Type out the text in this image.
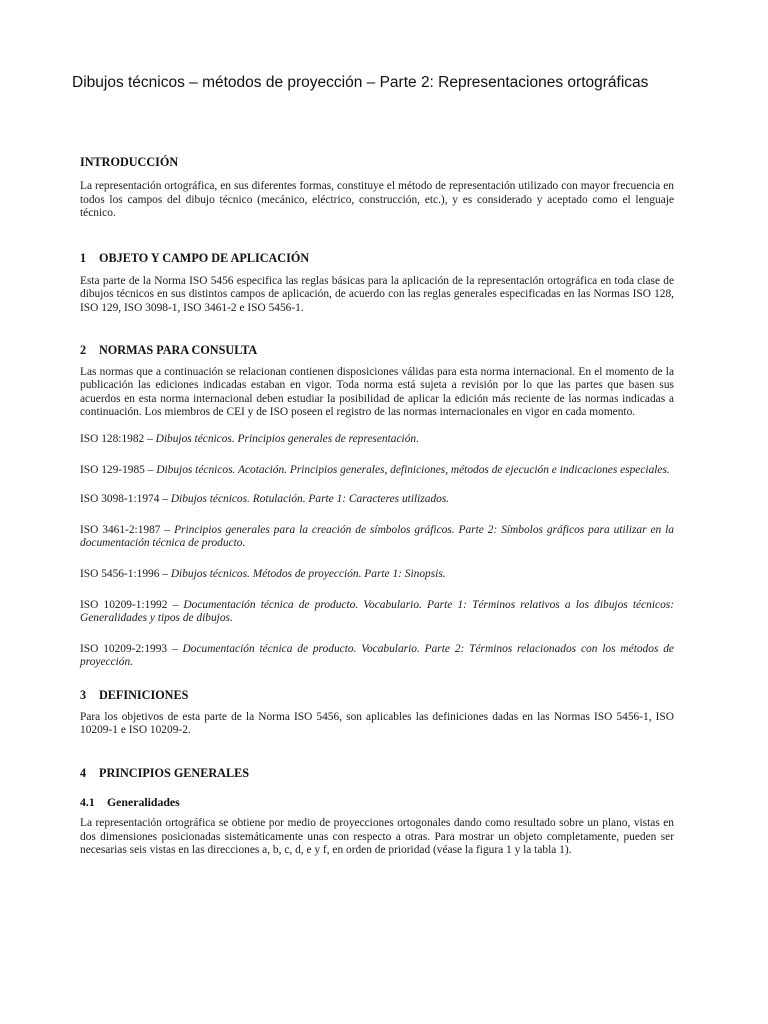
Dibujos técnicos – métodos de proyección – Parte 2: Representaciones ortográficas
INTRODUCCIÓN

La representación ortográfica, en sus diferentes formas, constituye el método de representación utilizado con mayor frecuencia en todos los campos del dibujo técnico (mecánico, eléctrico, construcción, etc.), y es considerado y aceptado como el lenguaje técnico.

1 OBJETO Y CAMPO DE APLICACIÓN

Esta parte de la Norma ISO 5456 especifica las reglas básicas para la aplicación de la representación ortográfica en toda clase de dibujos técnicos en sus distintos campos de aplicación, de acuerdo con las reglas generales especificadas en las Normas ISO 128, ISO 129, ISO 3098-1, ISO 3461-2 e ISO 5456-1.

2 NORMAS PARA CONSULTA

Las normas que a continuación se relacionan contienen disposiciones válidas para esta norma internacional. En el momento de la publicación las ediciones indicadas estaban en vigor. Toda norma está sujeta a revisión por lo que las partes que basen sus acuerdos en esta norma internacional deben estudiar la posibilidad de aplicar la edición más reciente de las normas indicadas a continuación. Los miembros de CEI y de ISO poseen el registro de las normas internacionales en vigor en cada momento.

ISO 128:1982 – Dibujos técnicos. Principios generales de representación.

ISO 129-1985 – Dibujos técnicos. Acotación. Principios generales, definiciones, métodos de ejecución e indicaciones especiales.

ISO 3098-1:1974 – Dibujos técnicos. Rotulación. Parte 1: Caracteres utilizados.

ISO 3461-2:1987 – Principios generales para la creación de símbolos gráficos. Parte 2: Símbolos gráficos para utilizar en la documentación técnica de producto.

ISO 5456-1:1996 – Dibujos técnicos. Métodos de proyección. Parte 1: Sinopsis.

ISO 10209-1:1992 – Documentación técnica de producto. Vocabulario. Parte 1: Términos relativos a los dibujos técnicos: Generalidades y tipos de dibujos.

ISO 10209-2:1993 – Documentación técnica de producto. Vocabulario. Parte 2: Términos relacionados con los métodos de proyección.

3 DEFINICIONES

Para los objetivos de esta parte de la Norma ISO 5456, son aplicables las definiciones dadas en las Normas ISO 5456-1, ISO 10209-1 e ISO 10209-2.

4 PRINCIPIOS GENERALES
4.1 Generalidades

La representación ortográfica se obtiene por medio de proyecciones ortogonales dando como resultado sobre un plano, vistas en dos dimensiones posicionadas sistemáticamente unas con respecto a otras. Para mostrar un objeto completamente, pueden ser necesarias seis vistas en las direcciones a, b, c, d, e y f, en orden de prioridad (véase la figura 1 y la tabla 1).
